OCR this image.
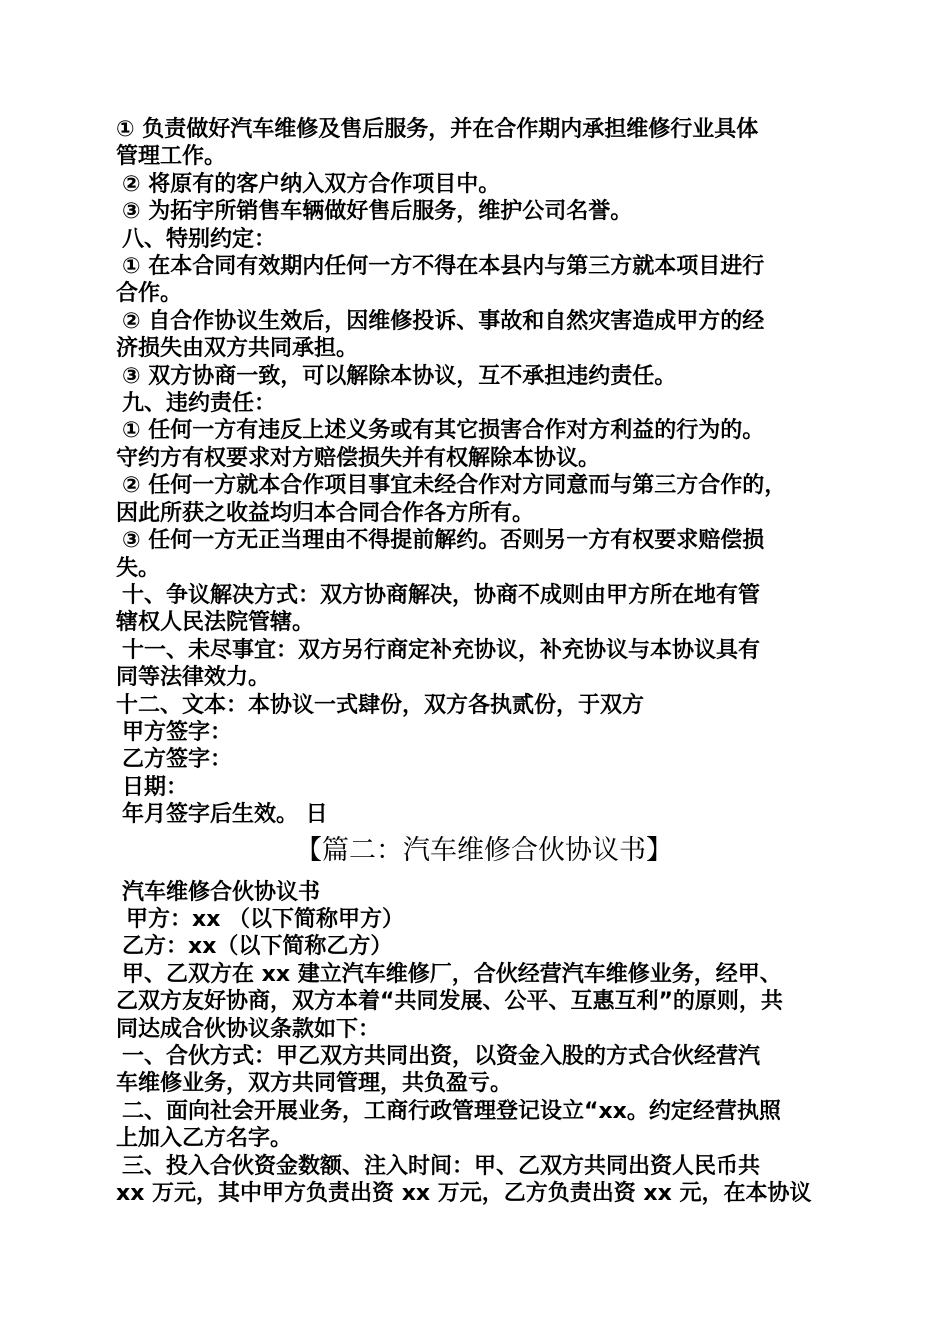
① 负责做好汽车维修及售后服务，并在合作期内承担维修行业具体
管理工作。
② 将原有的客户纳入双方合作项目中。
③ 为拓宇所销售车辆做好售后服务，维护公司名誉。
八、特别约定：
① 在本合同有效期内任何一方不得在本县内与第三方就本项目进行
合作。
② 自合作协议生效后，因维修投诉、事故和自然灾害造成甲方的经
济损失由双方共同承担。
③ 双方协商一致，可以解除本协议，互不承担违约责任。
九、违约责任：
① 任何一方有违反上述义务或有其它损害合作对方利益的行为的。
守约方有权要求对方赔偿损失并有权解除本协议。
② 任何一方就本合作项目事宜未经合作对方同意而与第三方合作的，
因此所获之收益均归本合同合作各方所有。
③ 任何一方无正当理由不得提前解约。否则另一方有权要求赔偿损
失。
十、争议解决方式：双方协商解决，协商不成则由甲方所在地有管
辖权人民法院管辖。
十一、未尽事宜：双方另行商定补充协议，补充协议与本协议具有
同等法律效力。
十二、文本：本协议一式肆份，双方各执贰份，于双方
甲方签字：
乙方签字：
日期：
年月签字后生效。 日
【篇二：汽车维修合伙协议书】
汽车维修合伙协议书
甲方：xx （以下简称甲方）
乙方：xx（以下简称乙方）
甲、乙双方在 xx 建立汽车维修厂，合伙经营汽车维修业务，经甲、
乙双方友好协商，双方本着“共同发展、公平、互惠互利”的原则，共
同达成合伙协议条款如下：
一、合伙方式：甲乙双方共同出资，以资金入股的方式合伙经营汽
车维修业务，双方共同管理，共负盈亏。
二、面向社会开展业务，工商行政管理登记设立“xx。约定经营执照
上加入乙方名字。
三、投入合伙资金数额、注入时间：甲、乙双方共同出资人民币共
xx 万元，其中甲方负责出资 xx 万元，乙方负责出资 xx 元，在本协议
